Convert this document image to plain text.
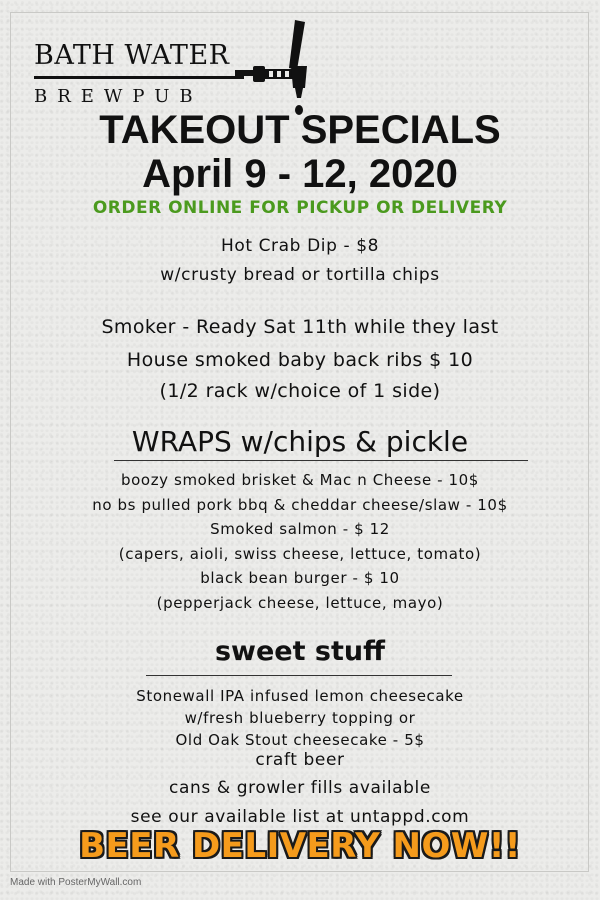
BATH WATER
BREWPUB
TAKEOUT SPECIALS
April 9 - 12, 2020
ORDER ONLINE FOR PICKUP OR DELIVERY
Hot Crab Dip - $8
w/crusty bread or tortilla chips
Smoker - Ready Sat 11th while they last
House smoked baby back ribs $ 10
(1/2 rack w/choice of 1 side)
WRAPS w/chips & pickle
boozy smoked brisket & Mac n Cheese - 10$
no bs pulled pork bbq & cheddar cheese/slaw - 10$
Smoked salmon - $ 12
(capers, aioli, swiss cheese, lettuce, tomato)
black bean burger - $ 10
(pepperjack cheese, lettuce, mayo)
sweet stuff
Stonewall IPA infused lemon cheesecake
w/fresh blueberry topping or
Old Oak Stout cheesecake - 5$
craft beer
cans & growler fills available
see our available list at untappd.com
BEER DELIVERY NOW!!
Made with PosterMyWall.com
